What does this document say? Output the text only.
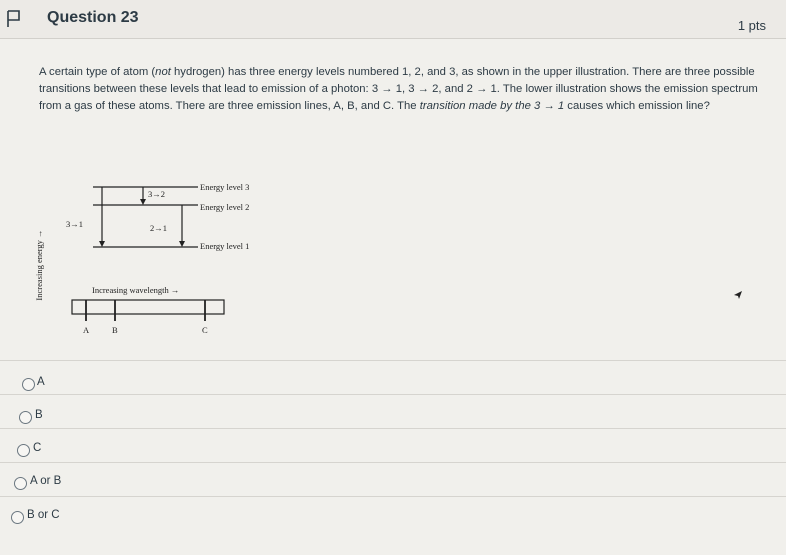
Question 23	1 pts
A certain type of atom (not hydrogen) has three energy levels numbered 1, 2, and 3, as shown in the upper illustration. There are three possible transitions between these levels that lead to emission of a photon: 3 → 1, 3 → 2, and 2 → 1. The lower illustration shows the emission spectrum from a gas of these atoms. There are three emission lines, A, B, and C. The transition made by the 3 → 1 causes which emission line?
Increasing energy →
3→1
3→2
2→1
Energy level 3
Energy level 2
Energy level 1
Increasing wavelength →
A	B	C
A
B
C
A or B
B or C
